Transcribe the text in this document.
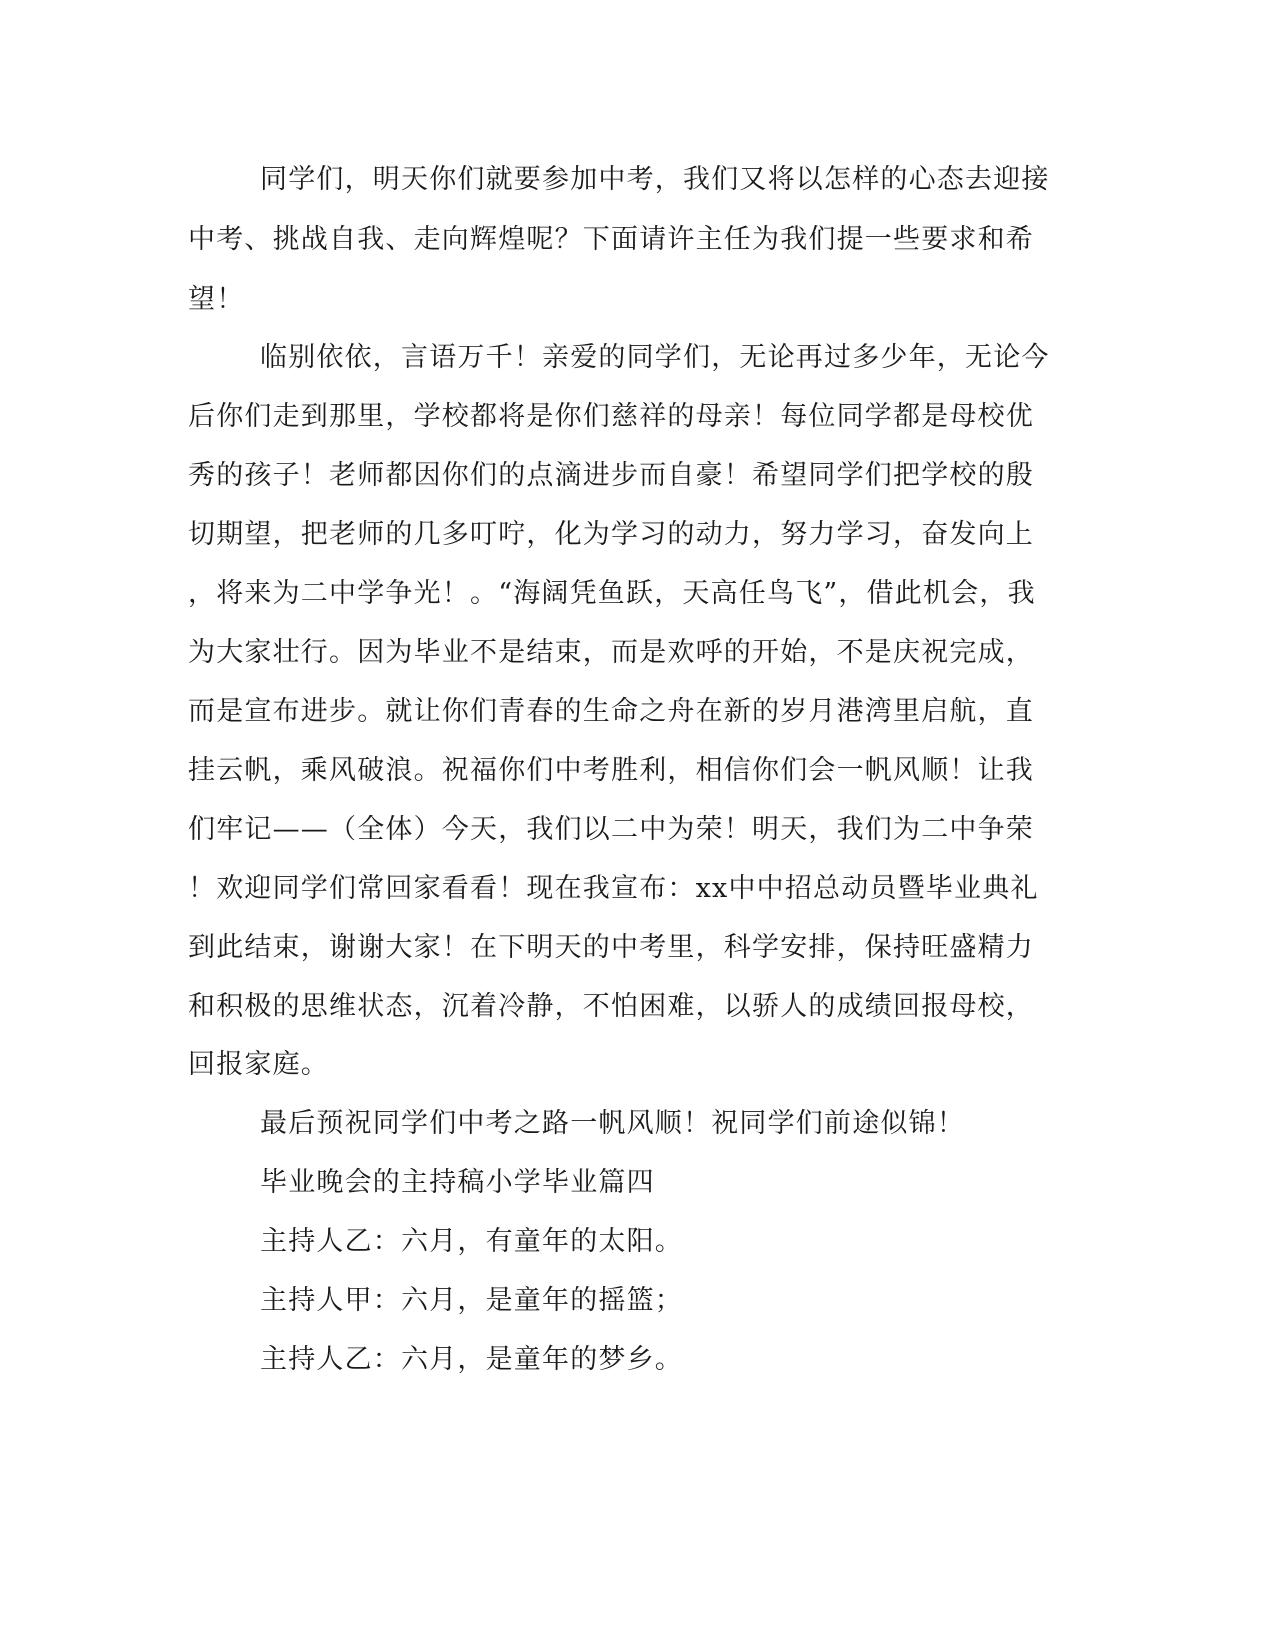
同学们，明天你们就要参加中考，我们又将以怎样的心态去迎接
中考、挑战自我、走向辉煌呢？下面请许主任为我们提一些要求和希
望！
临别依依，言语万千！亲爱的同学们，无论再过多少年，无论今
后你们走到那里，学校都将是你们慈祥的母亲！每位同学都是母校优
秀的孩子！老师都因你们的点滴进步而自豪！希望同学们把学校的殷
切期望，把老师的几多叮咛，化为学习的动力，努力学习，奋发向上
，将来为二中学争光！。“海阔凭鱼跃，天高任鸟飞”，借此机会，我
为大家壮行。因为毕业不是结束，而是欢呼的开始，不是庆祝完成，
而是宣布进步。就让你们青春的生命之舟在新的岁月港湾里启航，直
挂云帆，乘风破浪。祝福你们中考胜利，相信你们会一帆风顺！让我
们牢记——（全体）今天，我们以二中为荣！明天，我们为二中争荣
！欢迎同学们常回家看看！现在我宣布：xx中中招总动员暨毕业典礼
到此结束，谢谢大家！在下明天的中考里，科学安排，保持旺盛精力
和积极的思维状态，沉着冷静，不怕困难，以骄人的成绩回报母校，
回报家庭。
最后预祝同学们中考之路一帆风顺！祝同学们前途似锦！
毕业晚会的主持稿小学毕业篇四
主持人乙：六月，有童年的太阳。
主持人甲：六月，是童年的摇篮；
主持人乙：六月，是童年的梦乡。
